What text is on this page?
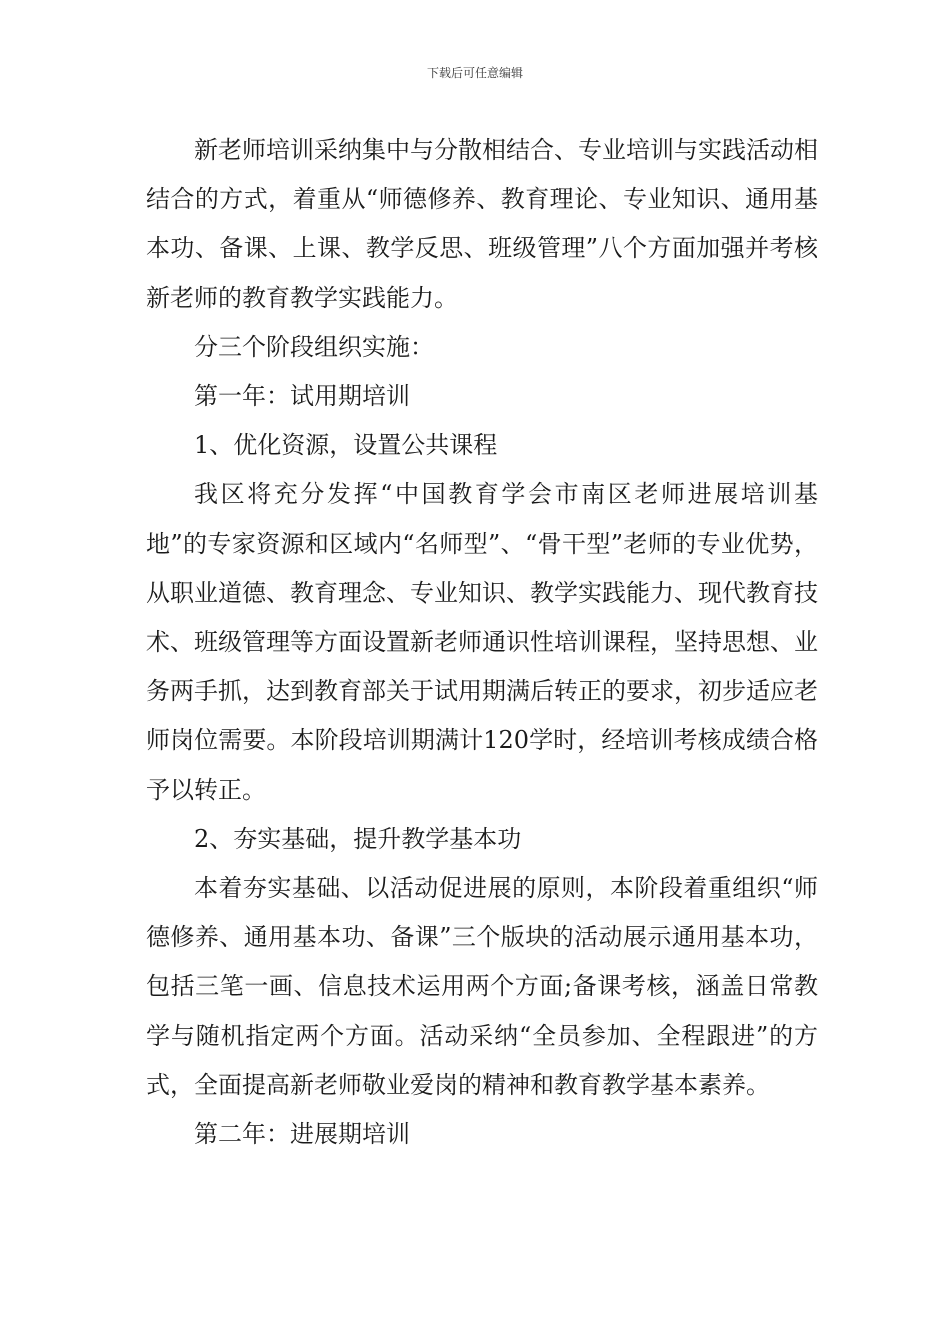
下载后可任意编辑

新老师培训采纳集中与分散相结合、专业培训与实践活动相结合的方式，着重从“师德修养、教育理论、专业知识、通用基本功、备课、上课、教学反思、班级管理”八个方面加强并考核新老师的教育教学实践能力。

分三个阶段组织实施：

第一年：试用期培训

1、优化资源，设置公共课程

我区将充分发挥“中国教育学会市南区老师进展培训基地”的专家资源和区域内“名师型”、“骨干型”老师的专业优势，从职业道德、教育理念、专业知识、教学实践能力、现代教育技术、班级管理等方面设置新老师通识性培训课程，坚持思想、业务两手抓，达到教育部关于试用期满后转正的要求，初步适应老师岗位需要。本阶段培训期满计120学时，经培训考核成绩合格予以转正。

2、夯实基础，提升教学基本功

本着夯实基础、以活动促进展的原则，本阶段着重组织“师德修养、通用基本功、备课”三个版块的活动展示通用基本功，包括三笔一画、信息技术运用两个方面;备课考核，涵盖日常教学与随机指定两个方面。活动采纳“全员参加、全程跟进”的方式，全面提高新老师敬业爱岗的精神和教育教学基本素养。

第二年：进展期培训
